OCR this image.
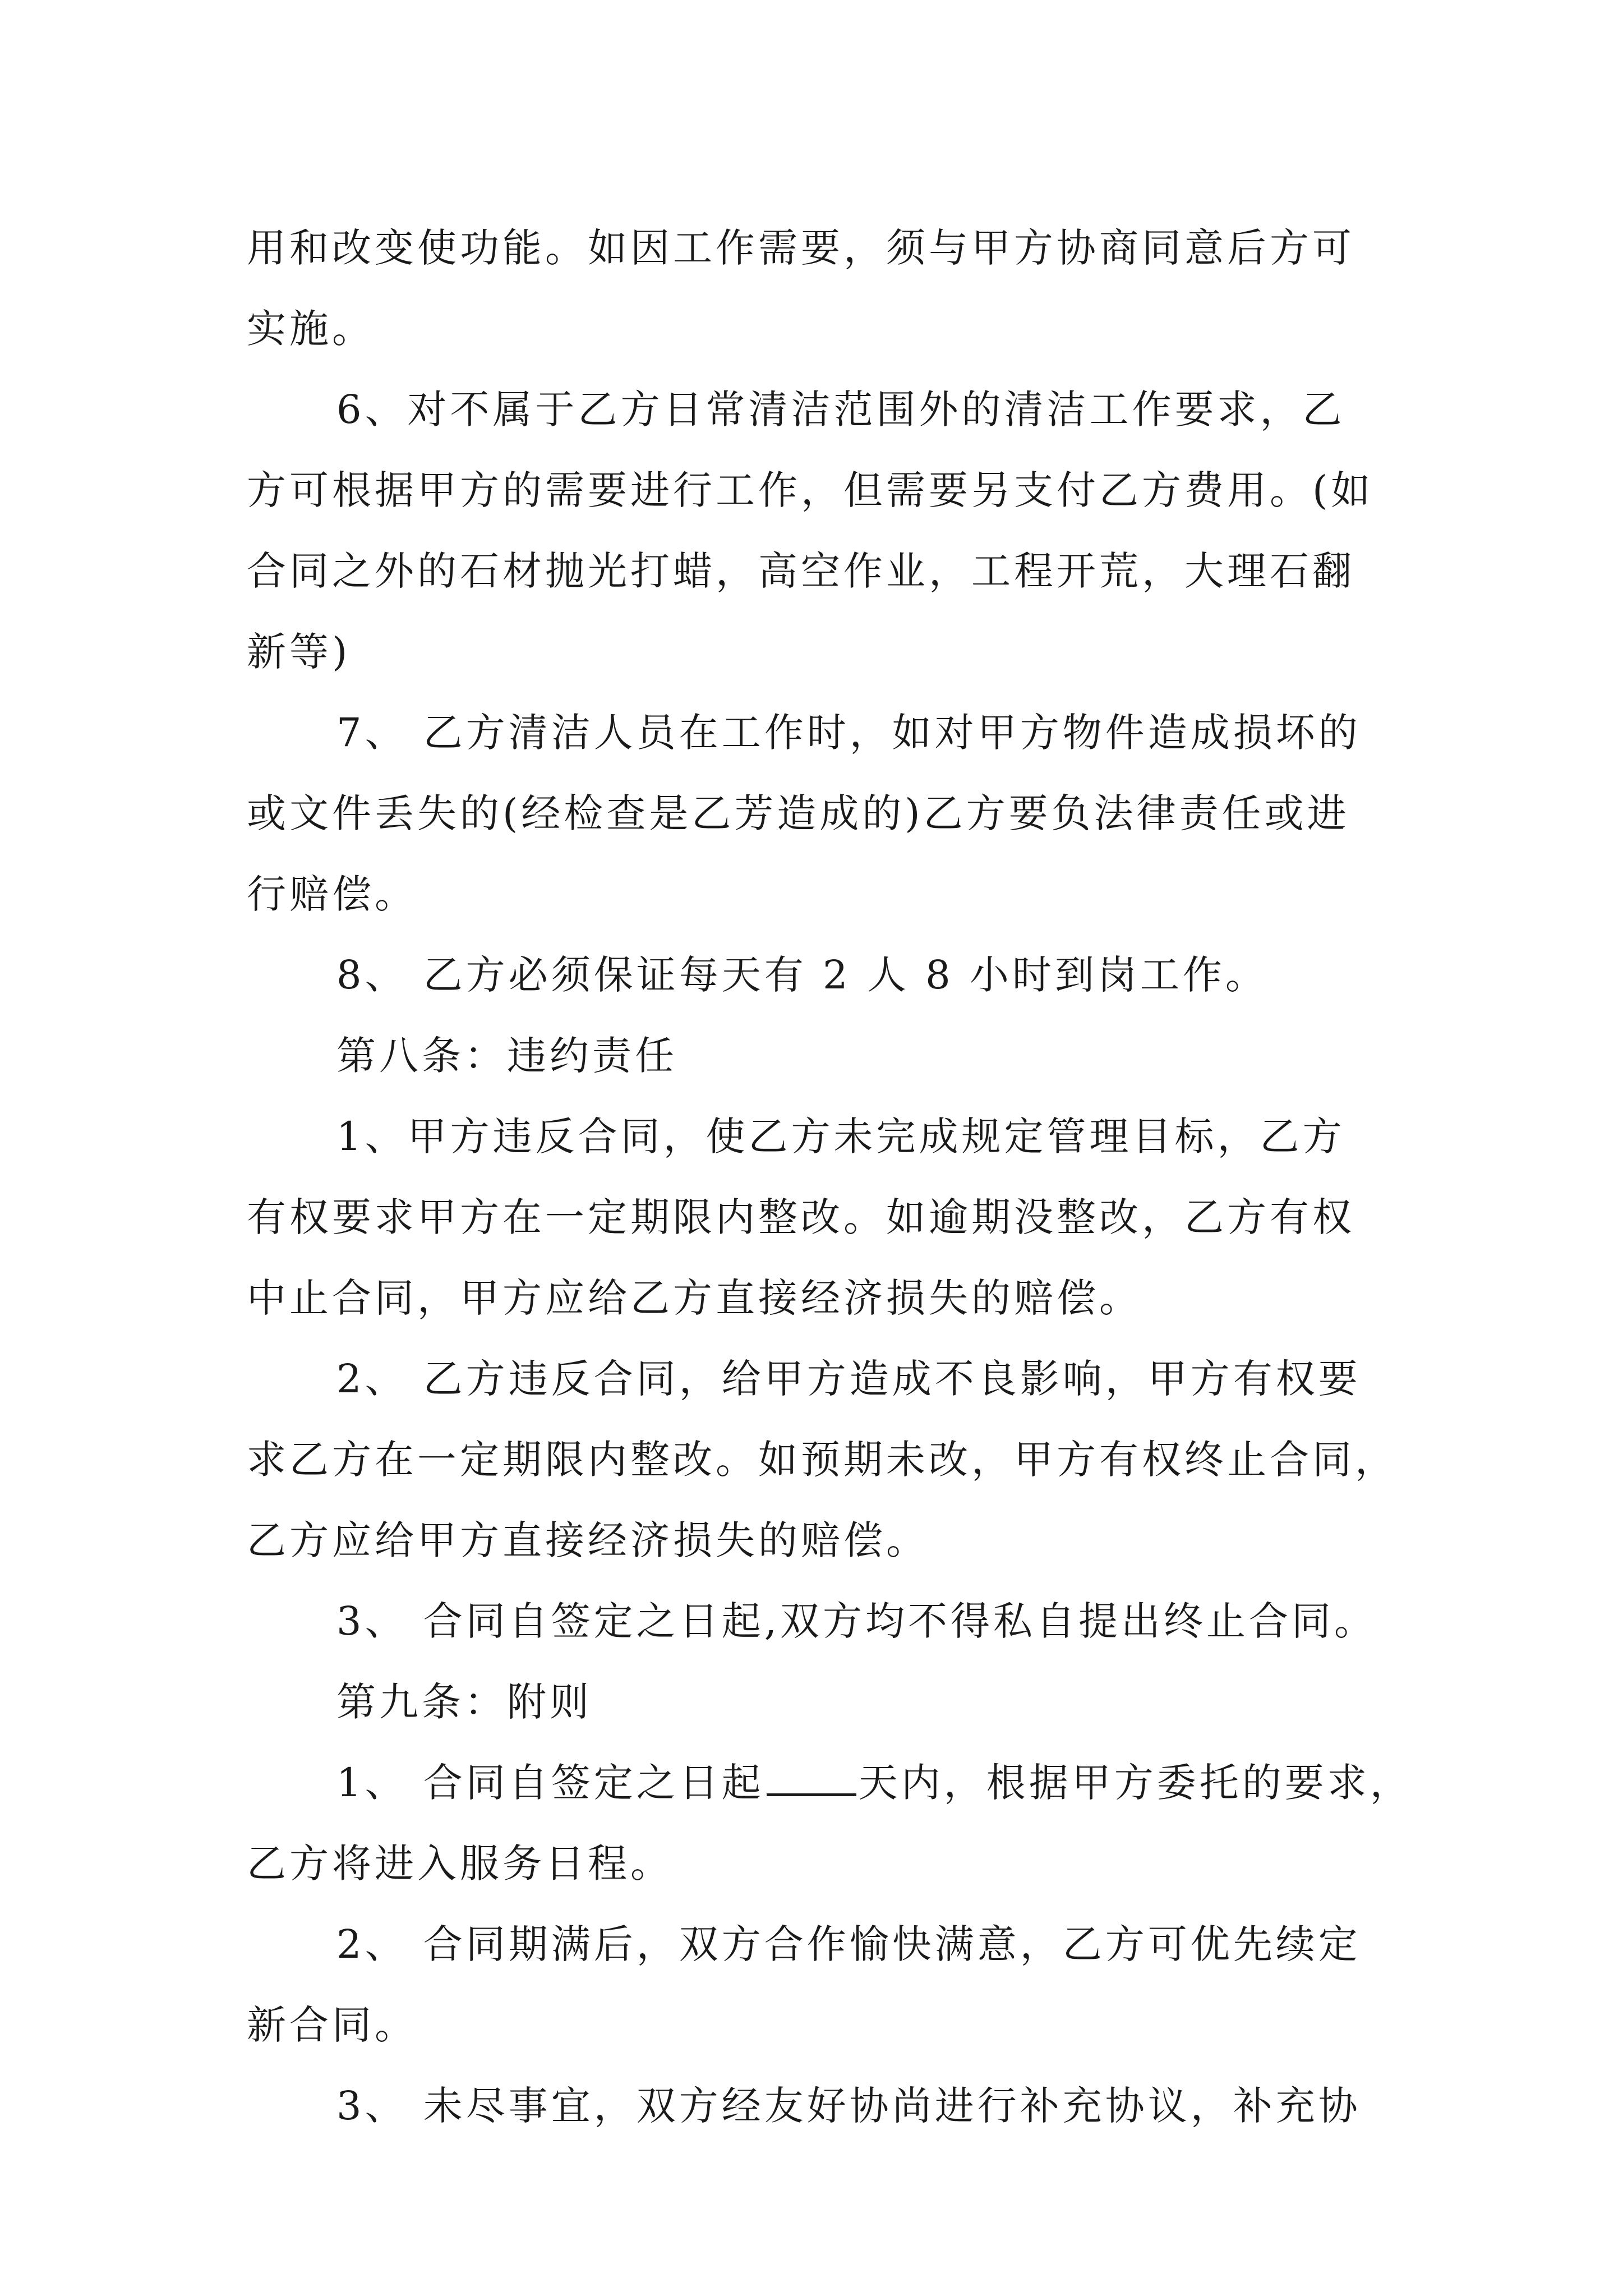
用和改变使功能。如因工作需要，须与甲方协商同意后方可
实施。
6、对不属于乙方日常清洁范围外的清洁工作要求，乙
方可根据甲方的需要进行工作，但需要另支付乙方费用。(如
合同之外的石材抛光打蜡，高空作业，工程开荒，大理石翻
新等)
7、 乙方清洁人员在工作时，如对甲方物件造成损坏的
或文件丢失的(经检查是乙芳造成的)乙方要负法律责任或进
行赔偿。
8、 乙方必须保证每天有 2 人 8 小时到岗工作。
第八条：违约责任
1、甲方违反合同，使乙方未完成规定管理目标，乙方
有权要求甲方在一定期限内整改。如逾期没整改，乙方有权
中止合同，甲方应给乙方直接经济损失的赔偿。
2、 乙方违反合同，给甲方造成不良影响，甲方有权要
求乙方在一定期限内整改。如预期未改，甲方有权终止合同，
乙方应给甲方直接经济损失的赔偿。
3、 合同自签定之日起,双方均不得私自提出终止合同。
第九条：附则
1、 合同自签定之日起 天内，根据甲方委托的要求，
乙方将进入服务日程。
2、 合同期满后，双方合作愉快满意，乙方可优先续定
新合同。
3、 未尽事宜，双方经友好协尚进行补充协议，补充协
